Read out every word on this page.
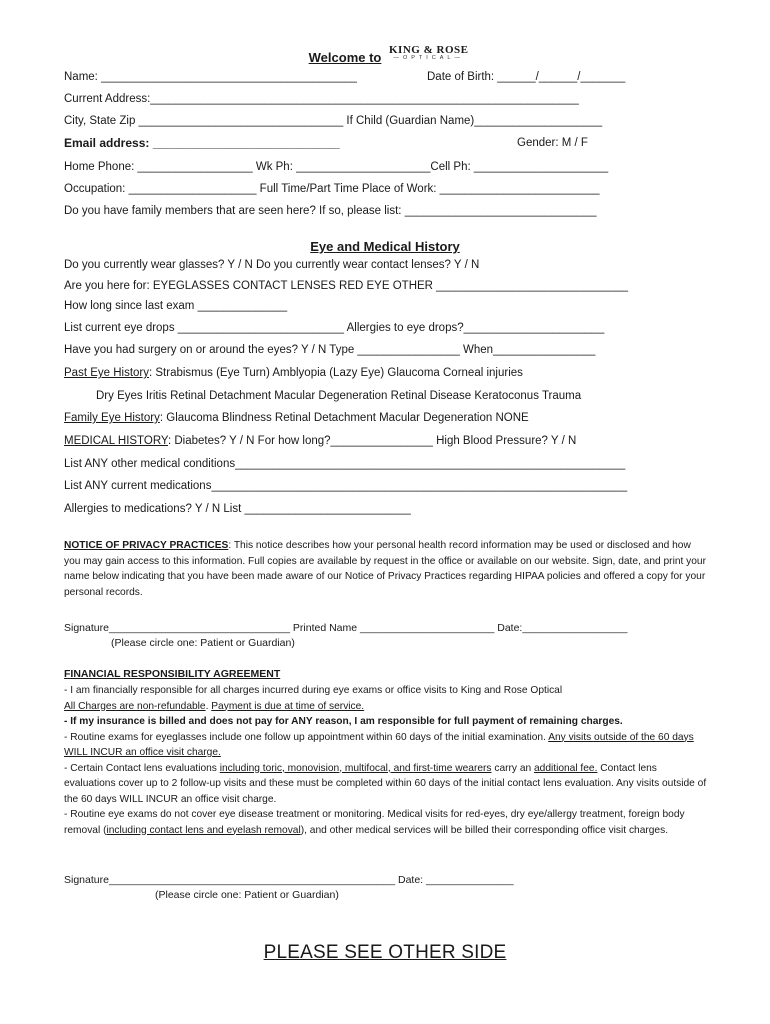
Welcome to KING & ROSE
—OPTICAL—
Name: ________________________________________	Date of Birth: ______/______/_______
Current Address:___________________________________________________________________
City, State Zip ________________________________ If Child (Guardian Name)____________________
Email address: ____________________________	Gender: M / F
Home Phone: __________________ Wk Ph: _____________________Cell Ph: _____________________
Occupation: ____________________ Full Time/Part Time Place of Work: _________________________
Do you have family members that are seen here? If so, please list: ______________________________
Eye and Medical History
Do you currently wear glasses? Y / N Do you currently wear contact lenses? Y / N
Are you here for: EYEGLASSES CONTACT LENSES RED EYE OTHER ______________________________
How long since last exam ______________
List current eye drops __________________________ Allergies to eye drops?______________________
Have you had surgery on or around the eyes? Y / N Type ________________ When________________
Past Eye History: Strabismus (Eye Turn) Amblyopia (Lazy Eye) Glaucoma Corneal injuries
Dry Eyes Iritis Retinal Detachment Macular Degeneration Retinal Disease Keratoconus Trauma
Family Eye History: Glaucoma Blindness Retinal Detachment Macular Degeneration NONE
MEDICAL HISTORY: Diabetes? Y / N For how long?________________ High Blood Pressure? Y / N
List ANY other medical conditions_____________________________________________________________
List ANY current medications_________________________________________________________________
Allergies to medications? Y / N List __________________________

NOTICE OF PRIVACY PRACTICES: This notice describes how your personal health record information may be used or disclosed and how you may gain access to this information. Full copies are available by request in the office or available on our website. Sign, date, and print your name below indicating that you have been made aware of our Notice of Privacy Practices regarding HIPAA policies and offered a copy for your personal records.

Signature_______________________________ Printed Name _______________________ Date:__________________
(Please circle one: Patient or Guardian)
FINANCIAL RESPONSIBILITY AGREEMENT

- I am financially responsible for all charges incurred during eye exams or office visits to King and Rose Optical

All Charges are non-refundable. Payment is due at time of service.

- If my insurance is billed and does not pay for ANY reason, I am responsible for full payment of remaining charges.

- Routine exams for eyeglasses include one follow up appointment within 60 days of the initial examination. Any visits outside of the 60 days WILL INCUR an office visit charge.

- Certain Contact lens evaluations including toric, monovision, multifocal, and first-time wearers carry an additional fee. Contact lens evaluations cover up to 2 follow-up visits and these must be completed within 60 days of the initial contact lens evaluation. Any visits outside of the 60 days WILL INCUR an office visit charge.

- Routine eye exams do not cover eye disease treatment or monitoring. Medical visits for red-eyes, dry eye/allergy treatment, foreign body removal (including contact lens and eyelash removal), and other medical services will be billed their corresponding office visit charges.

Signature_________________________________________________ Date: _______________
(Please circle one: Patient or Guardian)
PLEASE SEE OTHER SIDE
